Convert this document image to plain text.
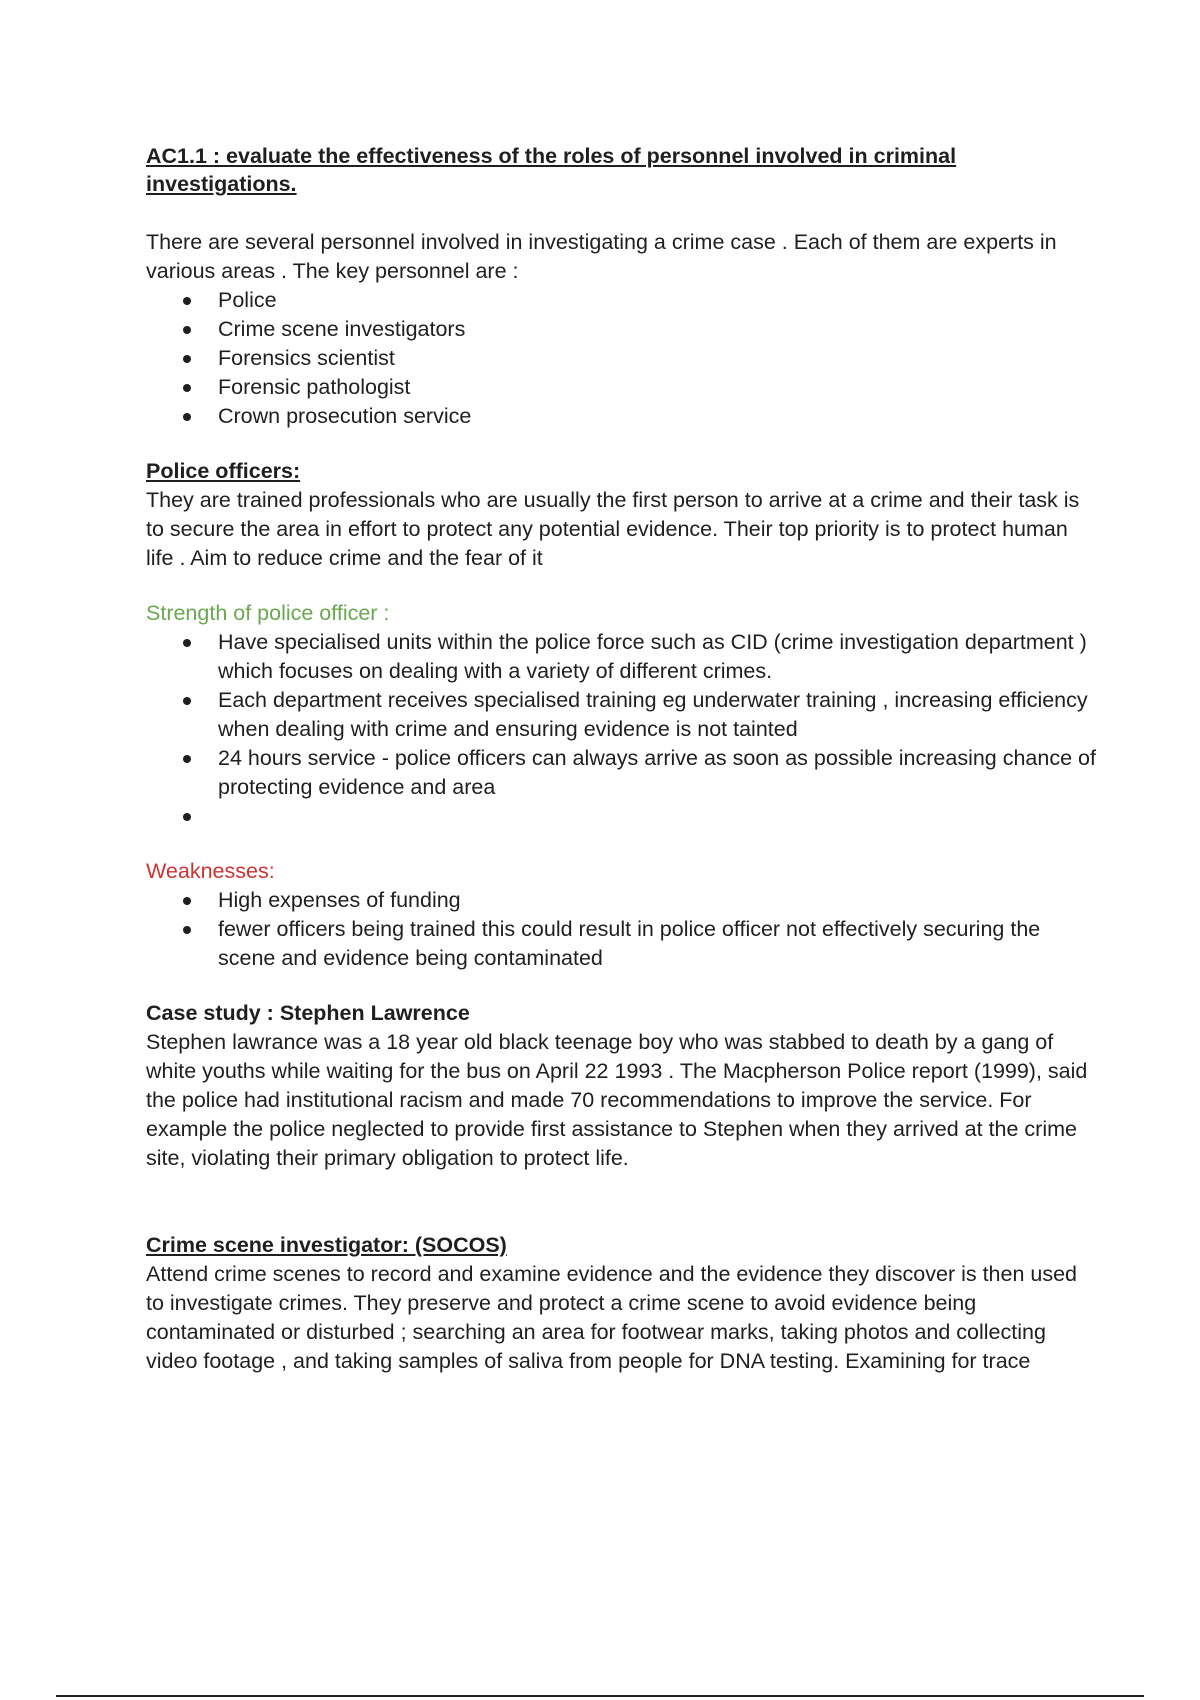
AC1.1 : evaluate the effectiveness of the roles of personnel involved in criminal investigations.

There are several personnel involved in investigating a crime case . Each of them are experts in various areas . The key personnel are :

Police
Crime scene investigators
Forensics scientist
Forensic pathologist
Crown prosecution service

Police officers:

They are trained professionals who are usually the first person to arrive at a crime and their task is to secure the area in effort to protect any potential evidence. Their top priority is to protect human life . Aim to reduce crime and the fear of it

Strength of police officer :

Have specialised units within the police force such as CID (crime investigation department ) which focuses on dealing with a variety of different crimes.
Each department receives specialised training eg underwater training , increasing efficiency when dealing with crime and ensuring evidence is not tainted
24 hours service - police officers can always arrive as soon as possible increasing chance of protecting evidence and area

Weaknesses:

High expenses of funding
fewer officers being trained this could result in police officer not effectively securing the scene and evidence being contaminated

Case study : Stephen Lawrence

Stephen lawrance was a 18 year old black teenage boy who was stabbed to death by a gang of white youths while waiting for the bus on April 22 1993 . The Macpherson Police report (1999), said the police had institutional racism and made 70 recommendations to improve the service. For example the police neglected to provide first assistance to Stephen when they arrived at the crime site, violating their primary obligation to protect life.

Crime scene investigator: (SOCOS)

Attend crime scenes to record and examine evidence and the evidence they discover is then used to investigate crimes. They preserve and protect a crime scene to avoid evidence being contaminated or disturbed ; searching an area for footwear marks, taking photos and collecting video footage , and taking samples of saliva from people for DNA testing. Examining for trace
